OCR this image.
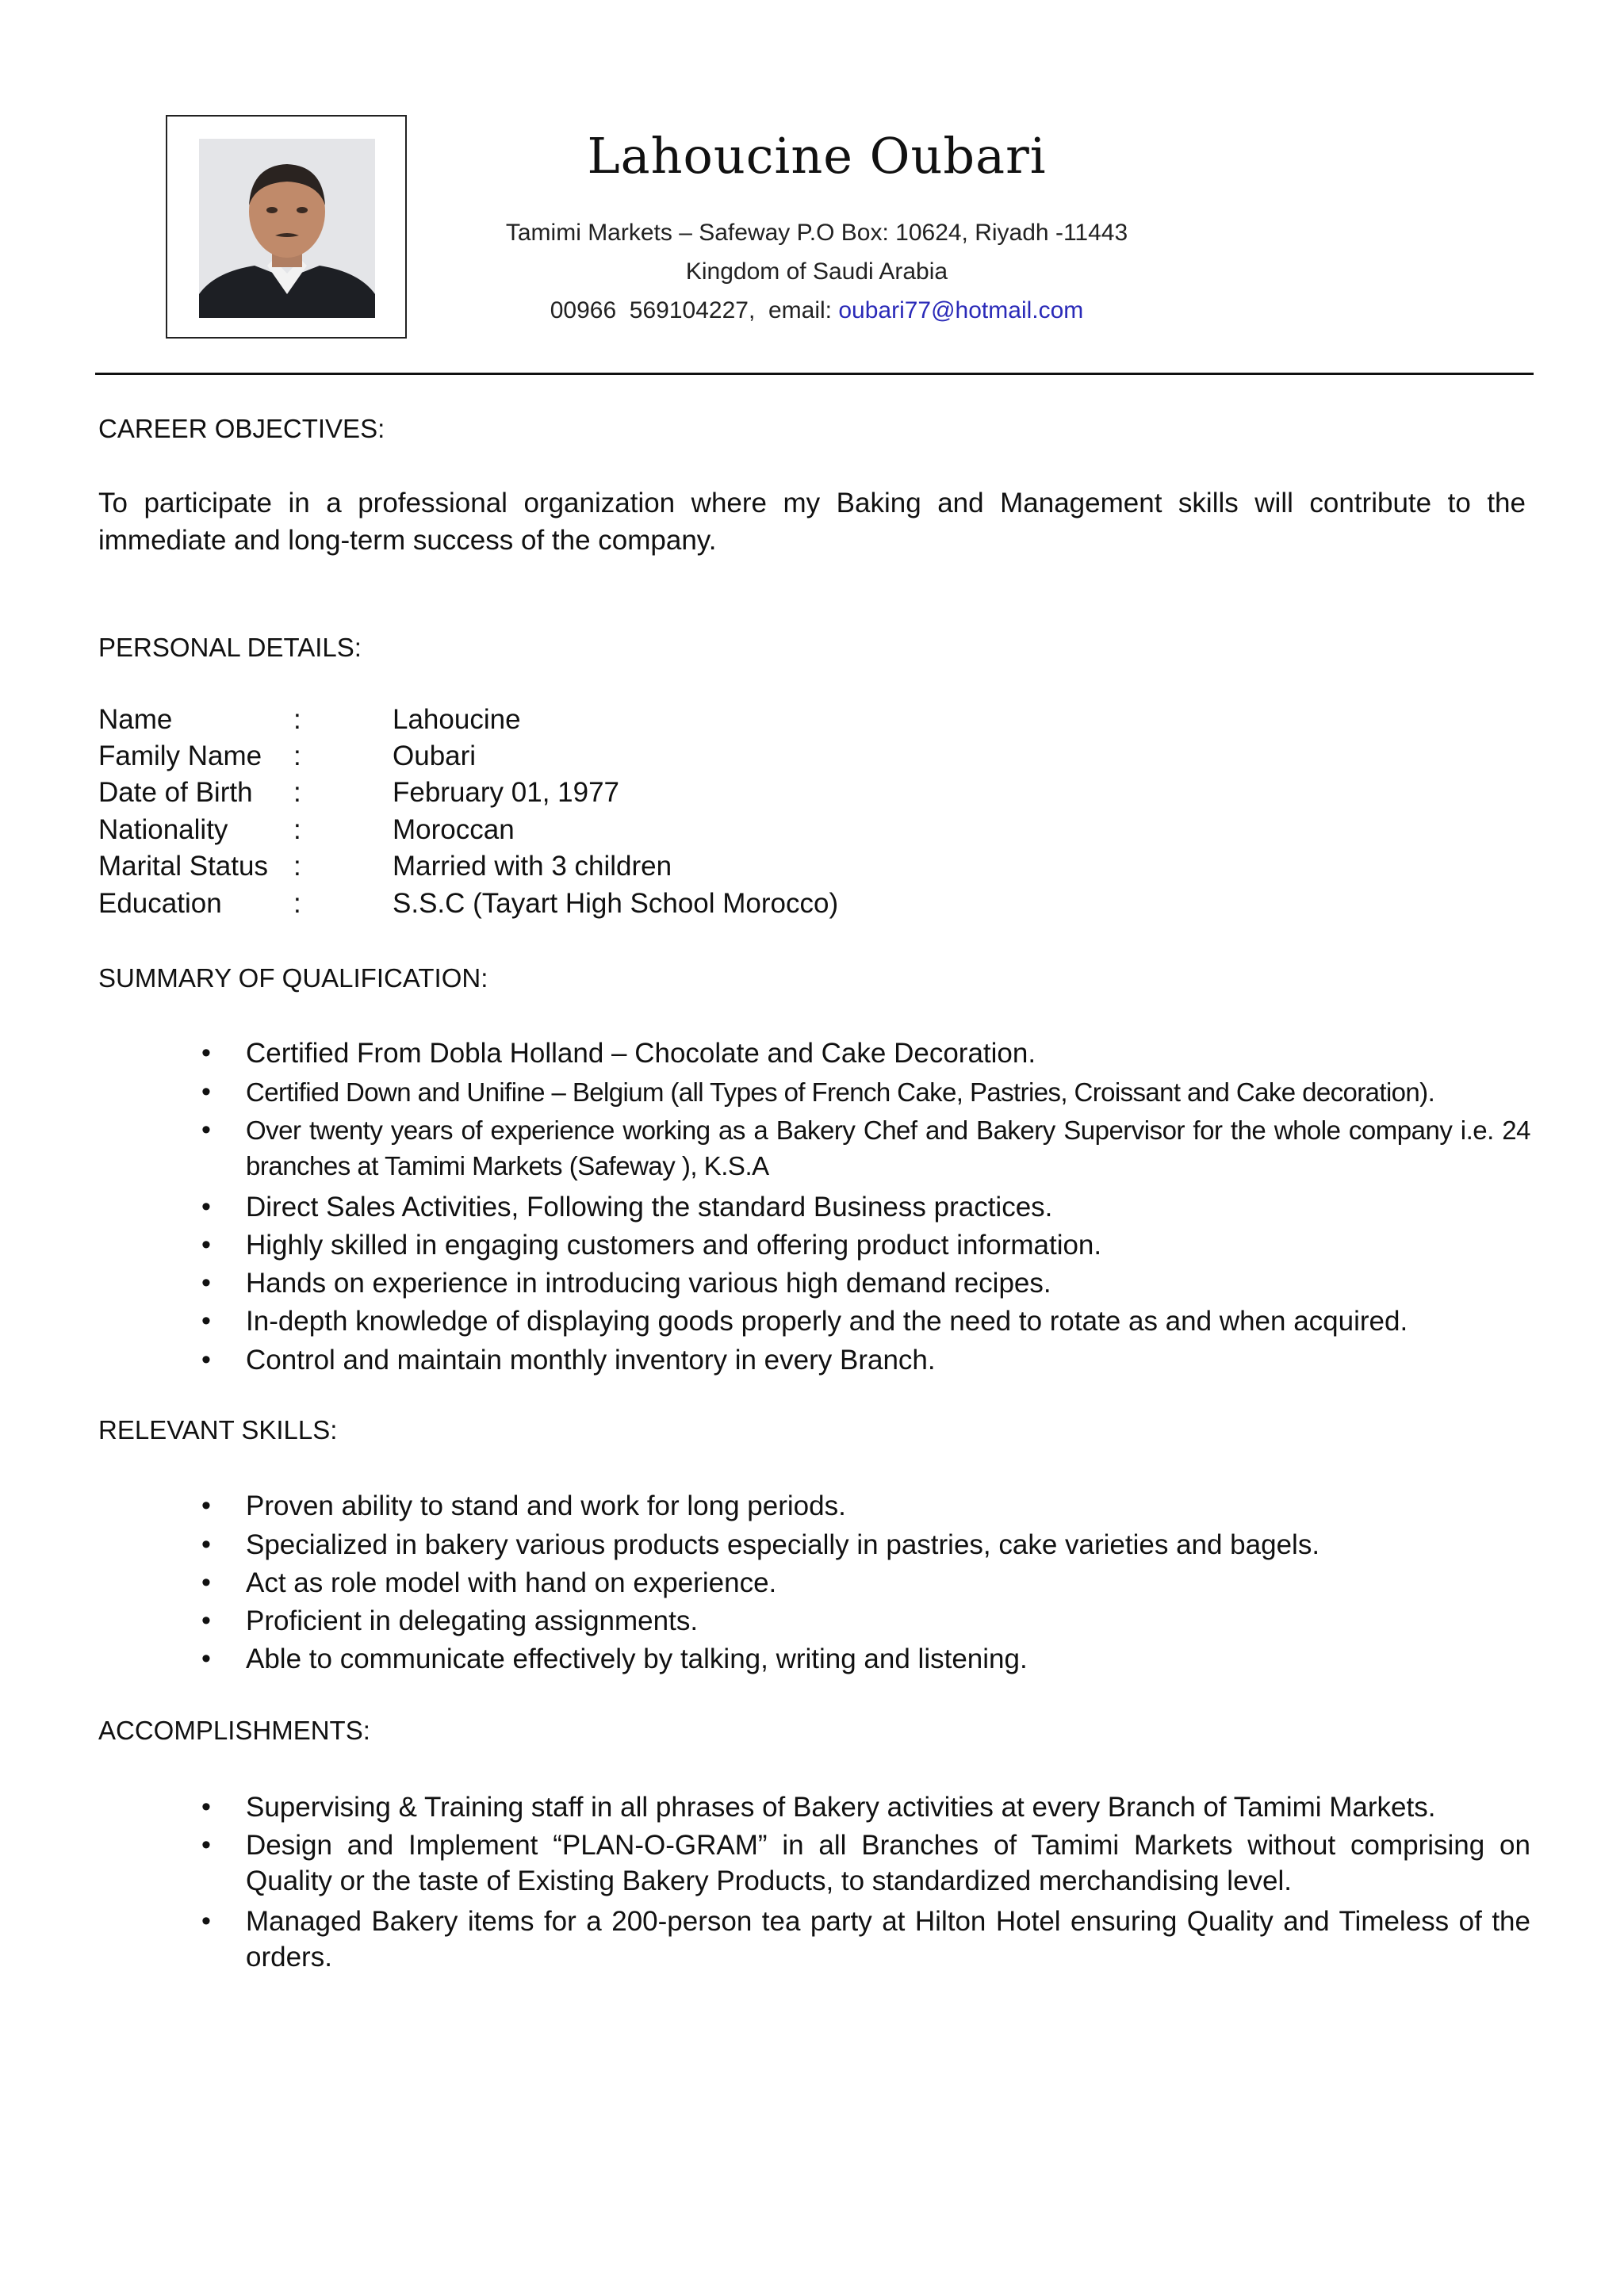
Lahoucine Oubari
Tamimi Markets – Safeway P.O Box: 10624, Riyadh -11443
Kingdom of Saudi Arabia
00966  569104227,  email: oubari77@hotmail.com
CAREER OBJECTIVES:
To participate in a professional organization where my Baking and Management skills will contribute to the immediate and long-term success of the company.
PERSONAL DETAILS:
Name	:	Lahoucine
Family Name :	Oubari
Date of Birth :	February 01, 1977
Nationality :	Moroccan
Marital Status :	Married with 3 children
Education	:	S.S.C (Tayart High School Morocco)
SUMMARY OF QUALIFICATION:
• Certified From Dobla Holland – Chocolate and Cake Decoration.
• Certified Down and Unifine – Belgium (all Types of French Cake, Pastries, Croissant and Cake decoration).
• Over twenty years of experience working as a Bakery Chef and Bakery Supervisor for the whole company i.e. 24 branches at Tamimi Markets (Safeway ), K.S.A
• Direct Sales Activities, Following the standard Business practices.
• Highly skilled in engaging customers and offering product information.
• Hands on experience in introducing various high demand recipes.
• In-depth knowledge of displaying goods properly and the need to rotate as and when acquired.
• Control and maintain monthly inventory in every Branch.
RELEVANT SKILLS:
• Proven ability to stand and work for long periods.
• Specialized in bakery various products especially in pastries, cake varieties and bagels.
• Act as role model with hand on experience.
• Proficient in delegating assignments.
• Able to communicate effectively by talking, writing and listening.
ACCOMPLISHMENTS:
• Supervising & Training staff in all phrases of Bakery activities at every Branch of Tamimi Markets.
• Design and Implement “PLAN-O-GRAM” in all Branches of Tamimi Markets without comprising on Quality or the taste of Existing Bakery Products, to standardized merchandising level.
• Managed Bakery items for a 200-person tea party at Hilton Hotel ensuring Quality and Timeless of the orders.
